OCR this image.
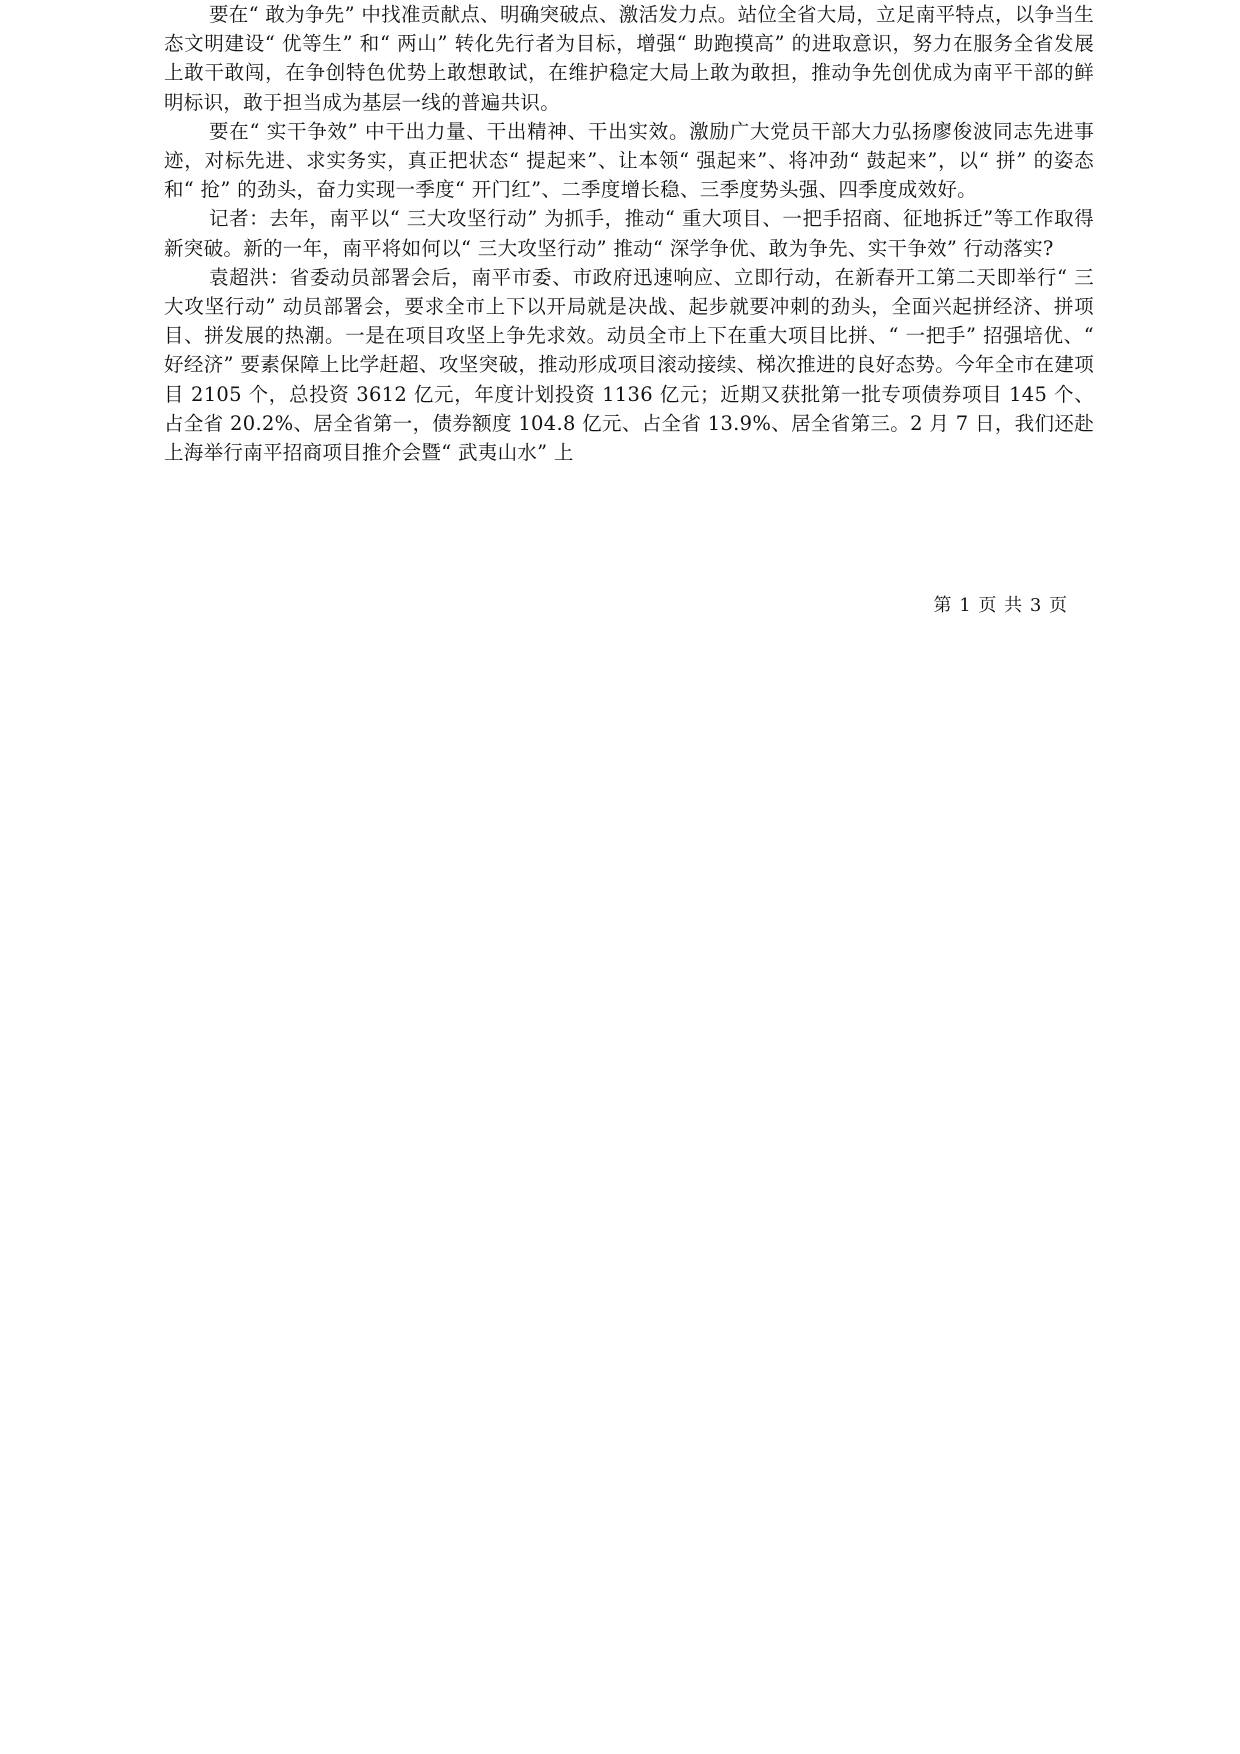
要在“ 敢为争先” 中找准贡献点、明确突破点、激活发力点。站位全省大局，立足南平特点，以争当生态文明建设“ 优等生” 和“ 两山” 转化先行者为目标，增强“ 助跑摸高” 的进取意识，努力在服务全省发展上敢干敢闯，在争创特色优势上敢想敢试，在维护稳定大局上敢为敢担，推动争先创优成为南平干部的鲜明标识，敢于担当成为基层一线的普遍共识。

要在“ 实干争效” 中干出力量、干出精神、干出实效。激励广大党员干部大力弘扬廖俊波同志先进事迹，对标先进、求实务实，真正把状态“ 提起来”、让本领“ 强起来”、将冲劲“ 鼓起来”，以“ 拼” 的姿态和“ 抢” 的劲头，奋力实现一季度“ 开门红”、二季度增长稳、三季度势头强、四季度成效好。

记者：去年，南平以“ 三大攻坚行动” 为抓手，推动“ 重大项目、一把手招商、征地拆迁”等工作取得新突破。新的一年，南平将如何以“ 三大攻坚行动” 推动“ 深学争优、敢为争先、实干争效” 行动落实?

袁超洪：省委动员部署会后，南平市委、市政府迅速响应、立即行动，在新春开工第二天即举行“ 三大攻坚行动” 动员部署会，要求全市上下以开局就是决战、起步就要冲刺的劲头，全面兴起拼经济、拼项目、拼发展的热潮。一是在项目攻坚上争先求效。动员全市上下在重大项目比拼、“ 一把手” 招强培优、“ 好经济” 要素保障上比学赶超、攻坚突破，推动形成项目滚动接续、梯次推进的良好态势。今年全市在建项目 2105 个，总投资 3612 亿元，年度计划投资 1136 亿元；近期又获批第一批专项债券项目 145 个、占全省 20.2%、居全省第一，债券额度 104.8 亿元、占全省 13.9%、居全省第三。2 月 7 日，我们还赴上海举行南平招商项目推介会暨“ 武夷山水” 上

第 1 页 共 3 页
